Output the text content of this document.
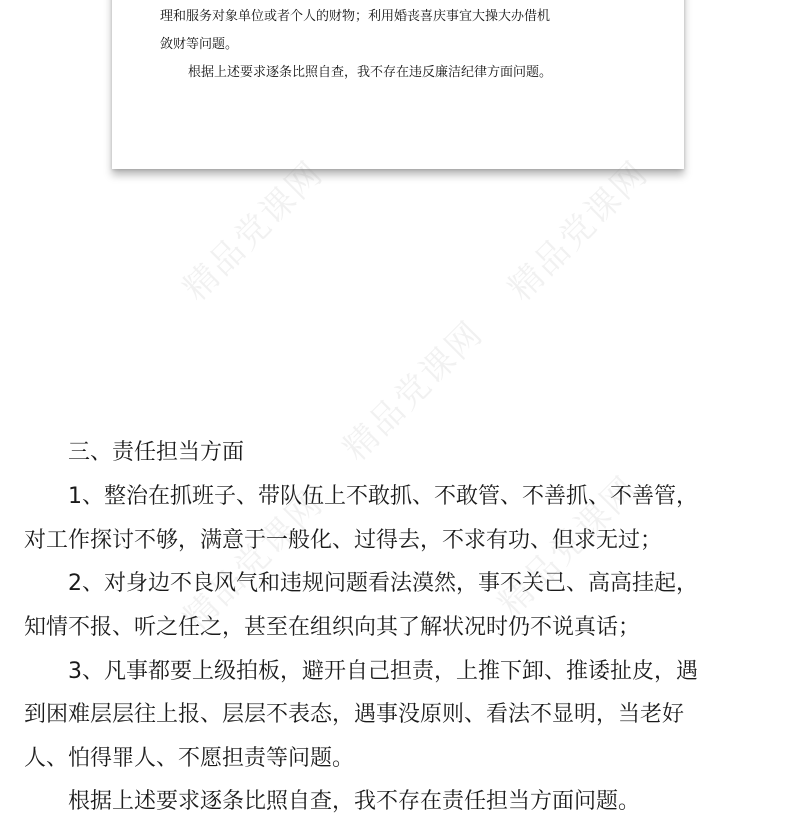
理和服务对象单位或者个人的财物；利用婚丧喜庆事宜大操大办借机
敛财等问题。
根据上述要求逐条比照自查，我不存在违反廉洁纪律方面问题。
精品党课网	精品党课网
精品党课网
精品党课网
精品党课网
三、责任担当方面
1、整治在抓班子、带队伍上不敢抓、不敢管、不善抓、不善管，
对工作探讨不够，满意于一般化、过得去，不求有功、但求无过；
2、对身边不良风气和违规问题看法漠然，事不关己、高高挂起，
知情不报、听之任之，甚至在组织向其了解状况时仍不说真话；
3、凡事都要上级拍板，避开自己担责，上推下卸、推诿扯皮，遇
到困难层层往上报、层层不表态，遇事没原则、看法不显明，当老好
人、怕得罪人、不愿担责等问题。
根据上述要求逐条比照自查，我不存在责任担当方面问题。
